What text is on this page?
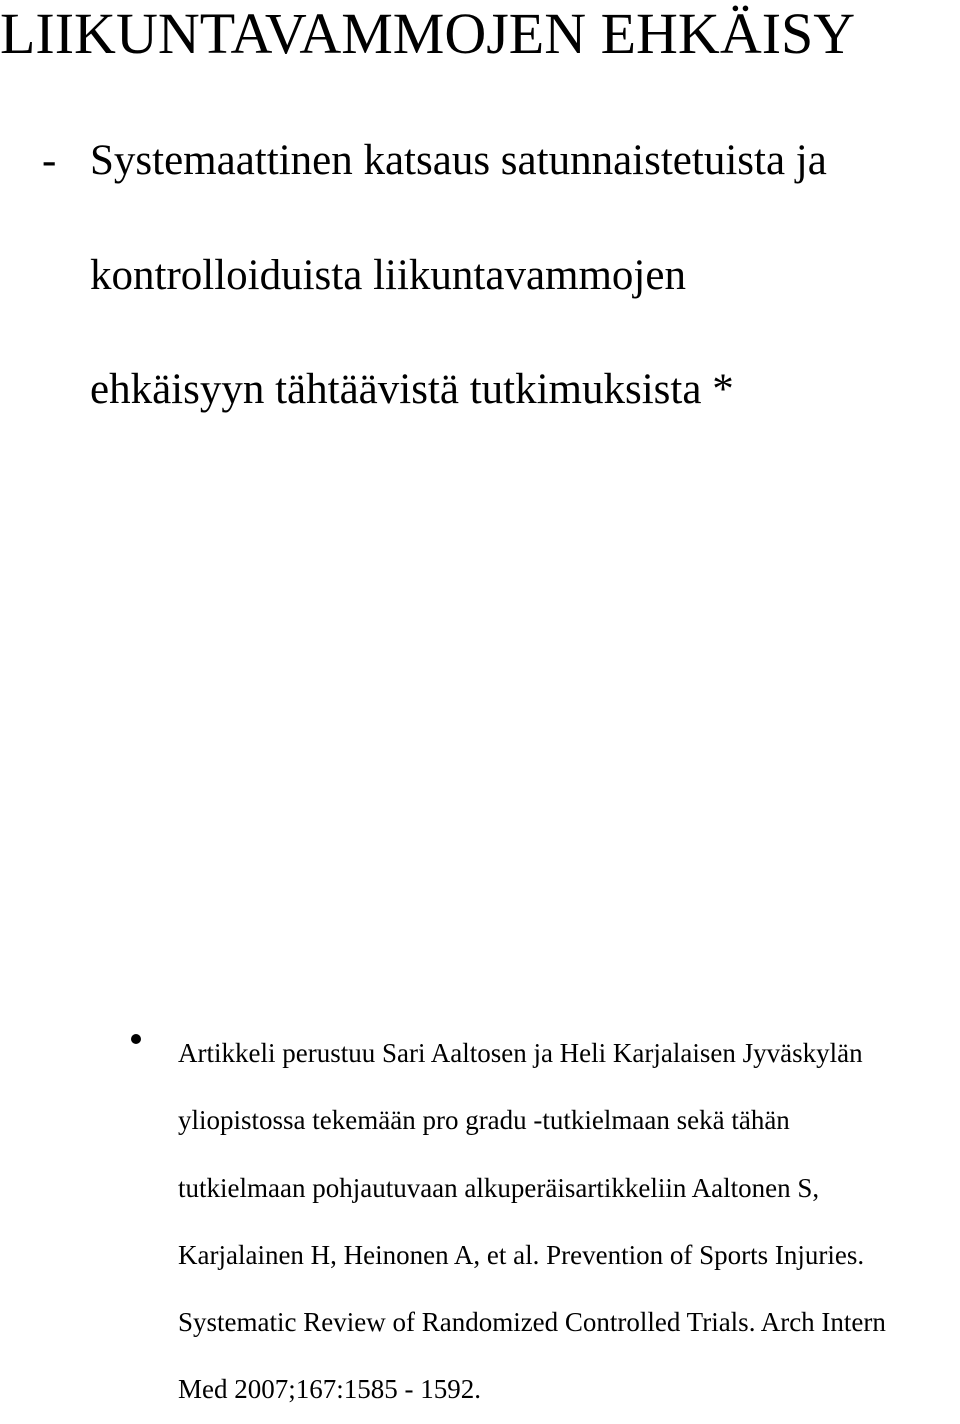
LIIKUNTAVAMMOJEN EHKÄISY
- Systemaattinen katsaus satunnaistetuista ja

kontrolloiduista liikuntavammojen

ehkäisyyn tähtäävistä tutkimuksista *

Artikkeli perustuu Sari Aaltosen ja Heli Karjalaisen Jyväskylän
yliopistossa tekemään pro gradu -tutkielmaan sekä tähän
tutkielmaan pohjautuvaan alkuperäisartikkeliin Aaltonen S,
Karjalainen H, Heinonen A, et al. Prevention of Sports Injuries.
Systematic Review of Randomized Controlled Trials. Arch Intern
Med 2007;167:1585 - 1592.
